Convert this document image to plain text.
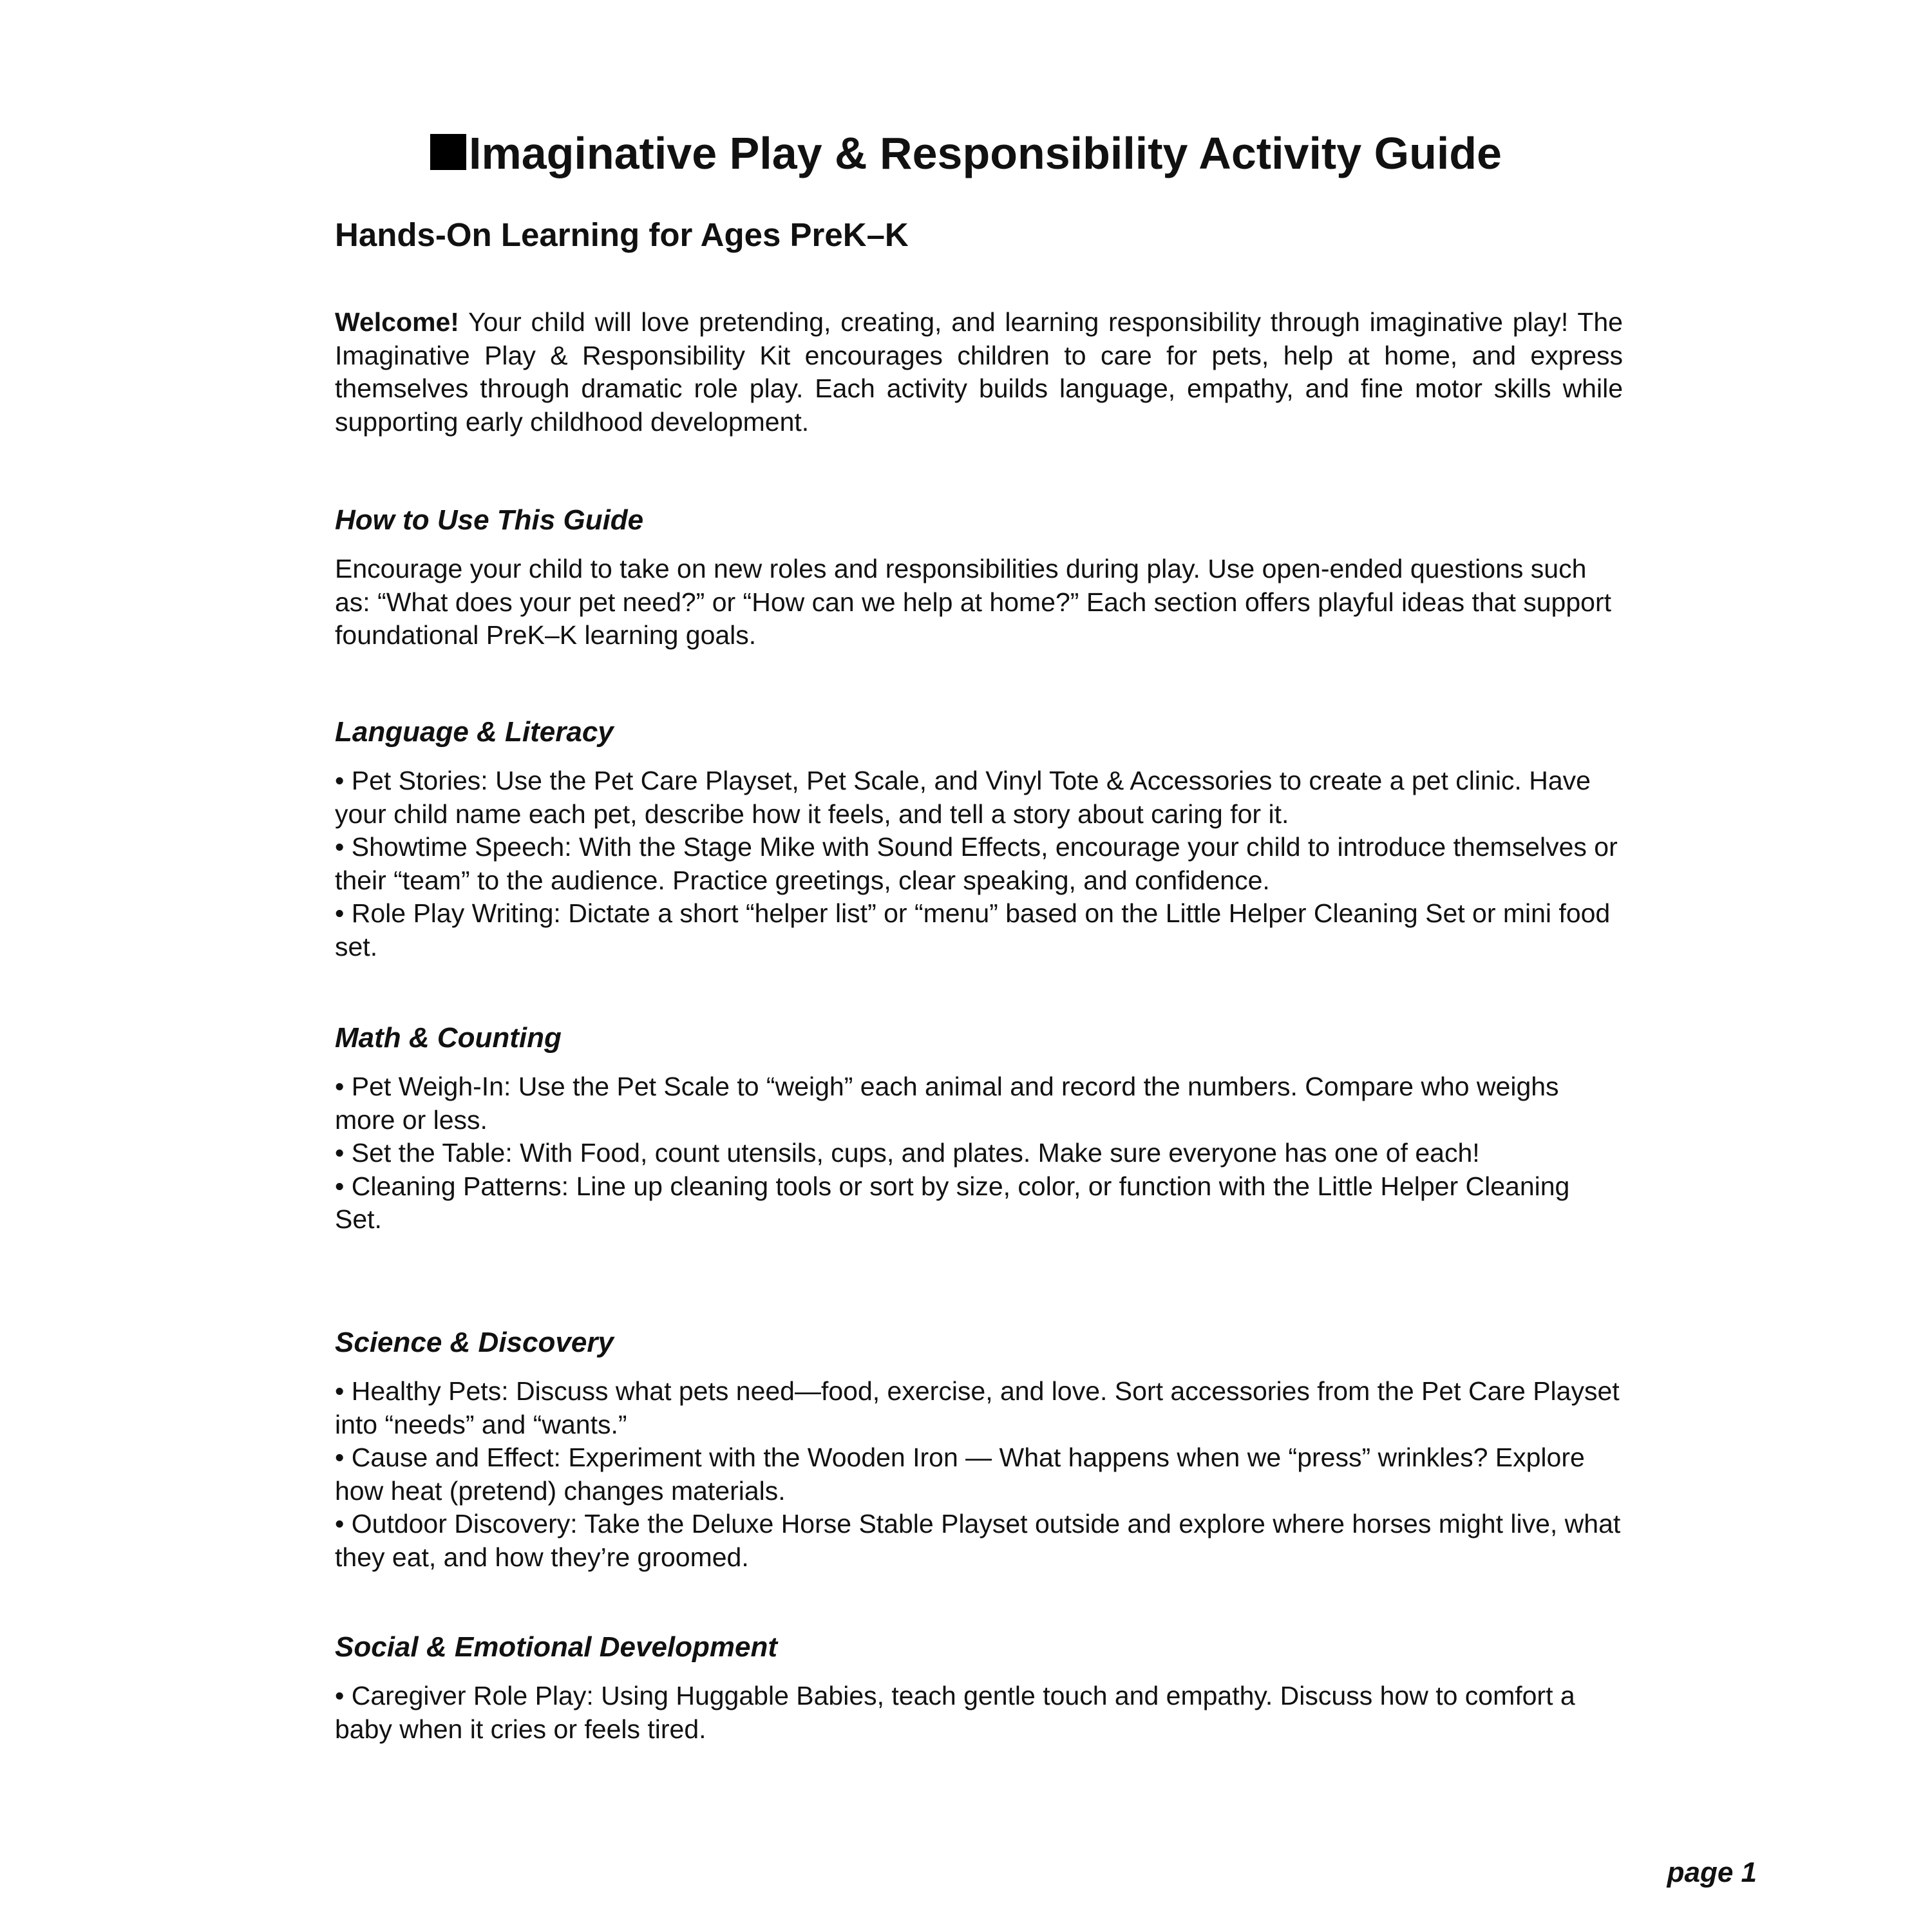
Imaginative Play & Responsibility Activity Guide
Hands-On Learning for Ages PreK–K

Welcome! Your child will love pretending, creating, and learning responsibility through imaginative play! The Imaginative Play & Responsibility Kit encourages children to care for pets, help at home, and express themselves through dramatic role play. Each activity builds language, empathy, and fine motor skills while supporting early childhood development.

How to Use This Guide

Encourage your child to take on new roles and responsibilities during play. Use open-ended questions such as: “What does your pet need?” or “How can we help at home?” Each section offers playful ideas that support foundational PreK–K learning goals.

Language & Literacy

• Pet Stories: Use the Pet Care Playset, Pet Scale, and Vinyl Tote & Accessories to create a pet clinic. Have your child name each pet, describe how it feels, and tell a story about caring for it.

• Showtime Speech: With the Stage Mike with Sound Effects, encourage your child to introduce themselves or their “team” to the audience. Practice greetings, clear speaking, and confidence.

• Role Play Writing: Dictate a short “helper list” or “menu” based on the Little Helper Cleaning Set or mini food set.

Math & Counting

• Pet Weigh-In: Use the Pet Scale to “weigh” each animal and record the numbers. Compare who weighs more or less.

• Set the Table: With Food, count utensils, cups, and plates. Make sure everyone has one of each!

• Cleaning Patterns: Line up cleaning tools or sort by size, color, or function with the Little Helper Cleaning Set.

Science & Discovery

• Healthy Pets: Discuss what pets need—food, exercise, and love. Sort accessories from the Pet Care Playset into “needs” and “wants.”

• Cause and Effect: Experiment with the Wooden Iron — What happens when we “press” wrinkles? Explore how heat (pretend) changes materials.

• Outdoor Discovery: Take the Deluxe Horse Stable Playset outside and explore where horses might live, what they eat, and how they’re groomed.

Social & Emotional Development

• Caregiver Role Play: Using Huggable Babies, teach gentle touch and empathy. Discuss how to comfort a baby when it cries or feels tired.

page 1
